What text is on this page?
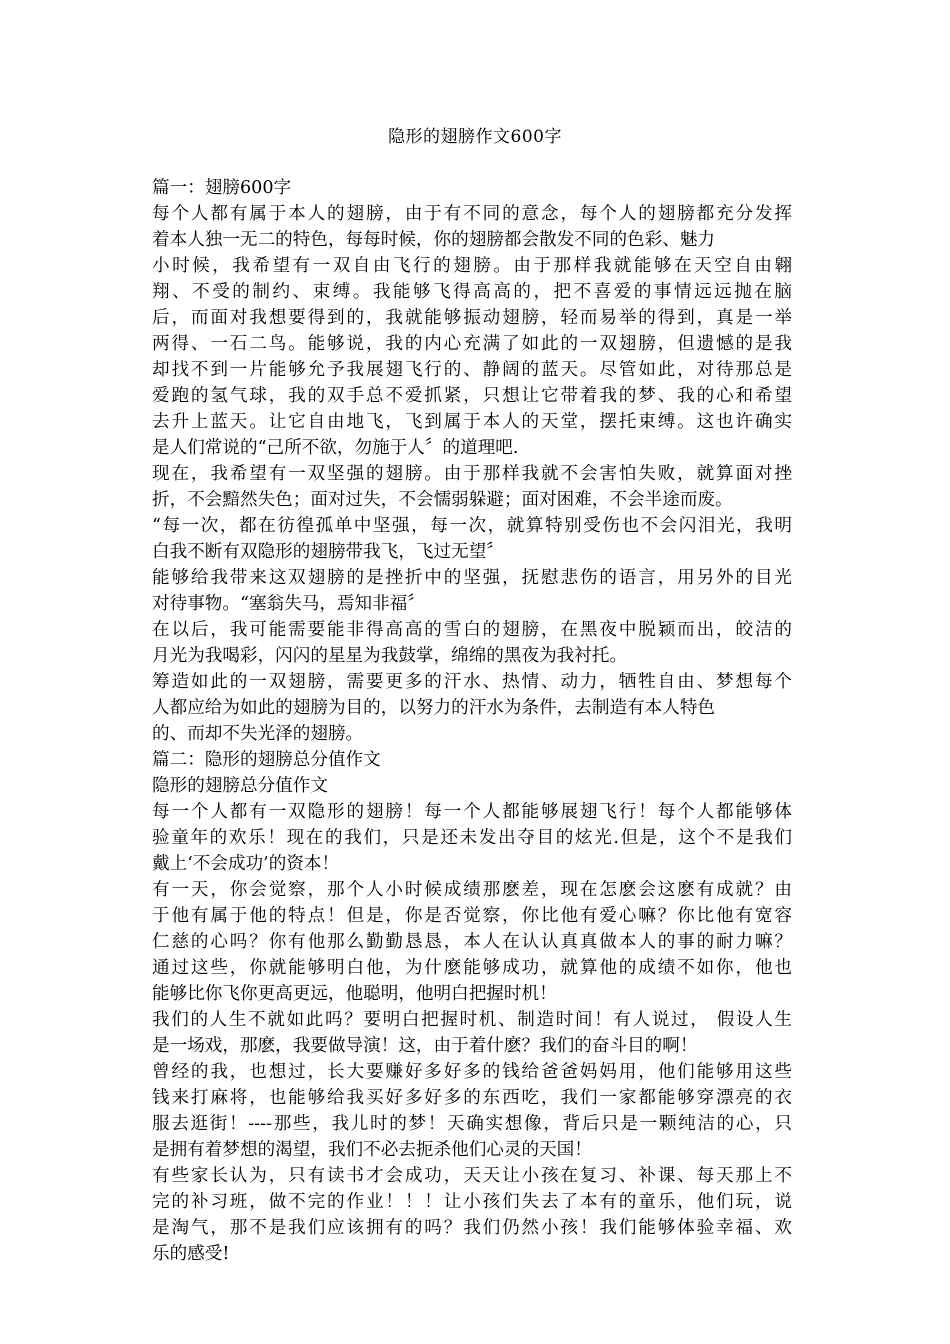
隐形的翅膀作文600字

篇一：翅膀600字

每个人都有属于本人的翅膀，由于有不同的意念，每个人的翅膀都充分发挥

着本人独一无二的特色，每每时候，你的翅膀都会散发不同的色彩、魅力

小时候，我希望有一双自由飞行的翅膀。由于那样我就能够在天空自由翱

翔、不受的制约、束缚。我能够飞得高高的，把不喜爱的事情远远抛在脑

后，而面对我想要得到的，我就能够振动翅膀，轻而易举的得到，真是一举

两得、一石二鸟。能够说，我的内心充满了如此的一双翅膀，但遗憾的是我

却找不到一片能够允予我展翅飞行的、静阔的蓝天。尽管如此，对待那总是

爱跑的氢气球，我的双手总不爱抓紧，只想让它带着我的梦、我的心和希望

去升上蓝天。让它自由地飞，飞到属于本人的天堂，摆托束缚。这也许确实

是人们常说的“己所不欲，勿施于人〞的道理吧.

现在，我希望有一双坚强的翅膀。由于那样我就不会害怕失败，就算面对挫

折，不会黯然失色；面对过失，不会懦弱躲避；面对困难，不会半途而废。

“每一次，都在彷徨孤单中坚强，每一次，就算特别受伤也不会闪泪光，我明

白我不断有双隐形的翅膀带我飞，飞过无望〞

能够给我带来这双翅膀的是挫折中的坚强，抚慰悲伤的语言，用另外的目光

对待事物。“塞翁失马，焉知非福〞

在以后，我可能需要能非得高高的雪白的翅膀，在黑夜中脱颖而出，皎洁的

月光为我喝彩，闪闪的星星为我鼓掌，绵绵的黑夜为我衬托。

筹造如此的一双翅膀，需要更多的汗水、热情、动力，牺牲自由、梦想每个

人都应给为如此的翅膀为目的，以努力的汗水为条件，去制造有本人特色

的、而却不失光泽的翅膀。

篇二：隐形的翅膀总分值作文

隐形的翅膀总分值作文

每一个人都有一双隐形的翅膀！每一个人都能够展翅飞行！每个人都能够体

验童年的欢乐！现在的我们，只是还未发出夺目的炫光.但是，这个不是我们

戴上‘不会成功’的资本！

有一天，你会觉察，那个人小时候成绩那麽差，现在怎麽会这麽有成就？由

于他有属于他的特点！但是，你是否觉察，你比他有爱心嘛？你比他有宽容

仁慈的心吗？你有他那么勤勤恳恳，本人在认认真真做本人的事的耐力嘛？

通过这些，你就能够明白他，为什麽能够成功，就算他的成绩不如你，他也

能够比你飞你更高更远，他聪明，他明白把握时机！

我们的人生不就如此吗？要明白把握时机、制造时间！有人说过， 假设人生

是一场戏，那麽，我要做导演！这，由于着什麽？我们的奋斗目的啊！

曾经的我，也想过，长大要赚好多好多的钱给爸爸妈妈用，他们能够用这些

钱来打麻将，也能够给我买好多好多的东西吃，我们一家都能够穿漂亮的衣

服去逛街！----那些，我儿时的梦！天确实想像，背后只是一颗纯洁的心，只

是拥有着梦想的渴望，我们不必去扼杀他们心灵的天国！

有些家长认为，只有读书才会成功，天天让小孩在复习、补课、每天那上不

完的补习班，做不完的作业！！！让小孩们失去了本有的童乐，他们玩，说

是淘气，那不是我们应该拥有的吗？我们仍然小孩！我们能够体验幸福、欢

乐的感受!
